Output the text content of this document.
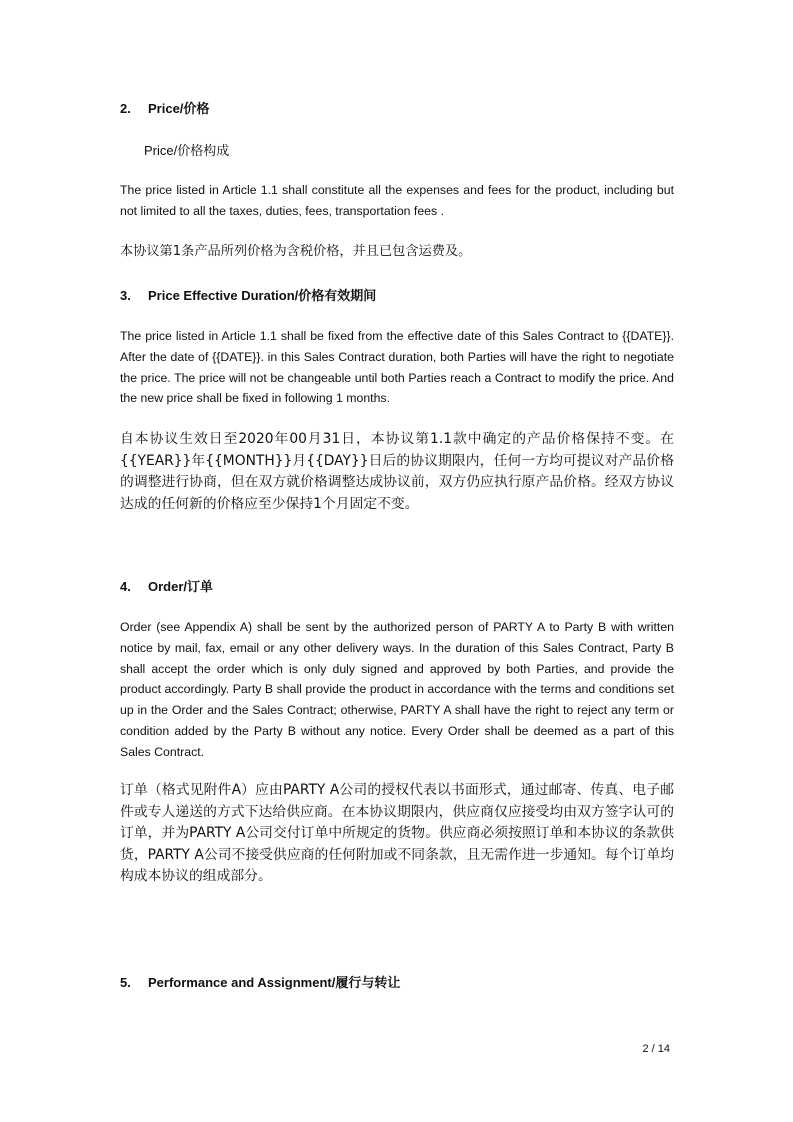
2. Price/价格
Price/价格构成

The price listed in Article 1.1 shall constitute all the expenses and fees for the product, including but not limited to all the taxes, duties, fees, transportation fees .

本协议第1条产品所列价格为含税价格，并且已包含运费及。

3. Price Effective Duration/价格有效期间

The price listed in Article 1.1 shall be fixed from the effective date of this Sales Contract to {{DATE}}. After the date of {{DATE}}. in this Sales Contract duration, both Parties will have the right to negotiate the price. The price will not be changeable until both Parties reach a Contract to modify the price. And the new price shall be fixed in following 1 months.

自本协议生效日至2020年00月31日，本协议第1.1款中确定的产品价格保持不变。在{{YEAR}}年{{MONTH}}月{{DAY}}日后的协议期限内，任何一方均可提议对产品价格的调整进行协商，但在双方就价格调整达成协议前，双方仍应执行原产品价格。经双方协议达成的任何新的价格应至少保持1个月固定不变。

4. Order/订单

Order (see Appendix A) shall be sent by the authorized person of PARTY A to Party B with written notice by mail, fax, email or any other delivery ways. In the duration of this Sales Contract, Party B shall accept the order which is only duly signed and approved by both Parties, and provide the product accordingly. Party B shall provide the product in accordance with the terms and conditions set up in the Order and the Sales Contract; otherwise, PARTY A shall have the right to reject any term or condition added by the Party B without any notice. Every Order shall be deemed as a part of this Sales Contract.

订单（格式见附件A）应由PARTY A公司的授权代表以书面形式，通过邮寄、传真、电子邮件或专人递送的方式下达给供应商。在本协议期限内，供应商仅应接受均由双方签字认可的订单，并为PARTY A公司交付订单中所规定的货物。供应商必须按照订单和本协议的条款供货，PARTY A公司不接受供应商的任何附加或不同条款，且无需作进一步通知。每个订单均构成本协议的组成部分。

5. Performance and Assignment/履行与转让
2 / 14
